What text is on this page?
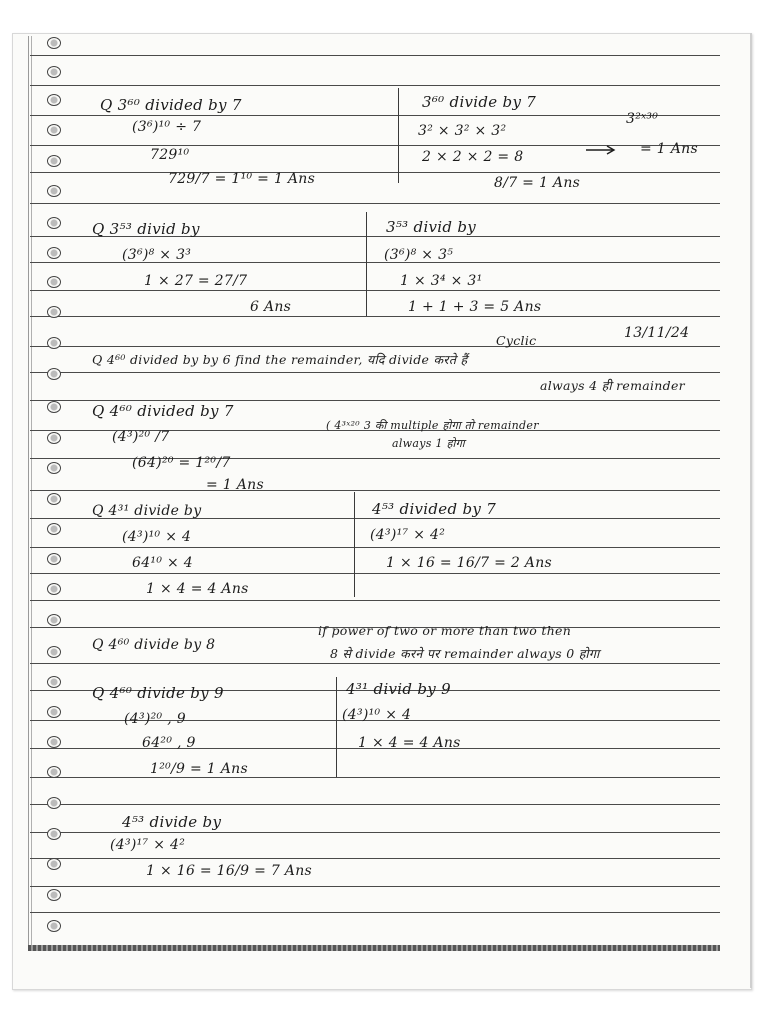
Q 3⁶⁰ divided by 7
(3⁶)¹⁰ ÷ 7
729¹⁰
729/7 = 1¹⁰ = 1 Ans
3⁶⁰ divide by 7
3² × 3² × 3²
2 × 2 × 2 = 8
8/7 = 1 Ans
3²ˣ³⁰
= 1 Ans
Q 3⁵³ divid by
(3⁶)⁸ × 3³
1 × 27 = 27/7
6 Ans
3⁵³ divid by
(3⁶)⁸ × 3⁵
1 × 3⁴ × 3¹
1 + 1 + 3 = 5 Ans
Cyclic	13/11/24
Q 4⁶⁰ divided by by 6 find the remainder, यदि divide करते हैं
always 4 ही remainder
Q 4⁶⁰ divided by 7
(4³)²⁰ /7
(64)²⁰ = 1²⁰/7
= 1 Ans
( 4³ˣ²⁰ 3 की multiple होगा तो remainder
always 1 होगा
Q 4³¹ divide by
(4³)¹⁰ × 4
64¹⁰ × 4
1 × 4 = 4 Ans
4⁵³ divided by 7
(4³)¹⁷ × 4²
1 × 16 = 16/7 = 2 Ans
Q 4⁶⁰ divide by 8
if power of two or more than two then
8 से divide करने पर remainder always 0 होगा
Q 4⁶⁰ divide by 9
(4³)²⁰ , 9
64²⁰ , 9
1²⁰/9 = 1 Ans
4³¹ divid by 9
(4³)¹⁰ × 4
1 × 4 = 4 Ans
4⁵³ divide by
(4³)¹⁷ × 4²
1 × 16 = 16/9 = 7 Ans
